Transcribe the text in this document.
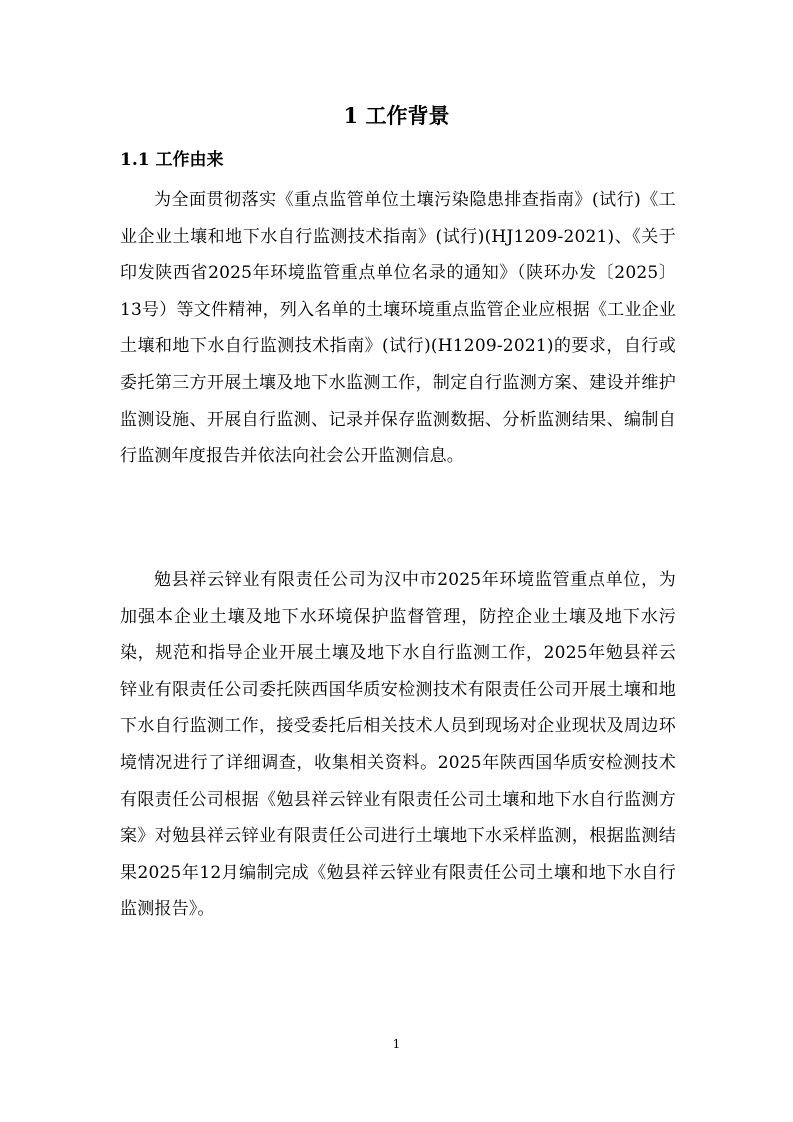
1 工作背景
1.1 工作由来

为全面贯彻落实《重点监管单位土壤污染隐患排查指南》(试行)《工业企业土壤和地下水自行监测技术指南》(试行)(HJ1209-2021)、《关于印发陕西省2025年环境监管重点单位名录的通知》（陕环办发〔2025〕13号）等文件精神，列入名单的土壤环境重点监管企业应根据《工业企业土壤和地下水自行监测技术指南》(试行)(H1209-2021)的要求，自行或委托第三方开展土壤及地下水监测工作，制定自行监测方案、建设并维护监测设施、开展自行监测、记录并保存监测数据、分析监测结果、编制自行监测年度报告并依法向社会公开监测信息。

勉县祥云锌业有限责任公司为汉中市2025年环境监管重点单位，为加强本企业土壤及地下水环境保护监督管理，防控企业土壤及地下水污染，规范和指导企业开展土壤及地下水自行监测工作，2025年勉县祥云锌业有限责任公司委托陕西国华质安检测技术有限责任公司开展土壤和地下水自行监测工作，接受委托后相关技术人员到现场对企业现状及周边环境情况进行了详细调查，收集相关资料。2025年陕西国华质安检测技术有限责任公司根据《勉县祥云锌业有限责任公司土壤和地下水自行监测方案》对勉县祥云锌业有限责任公司进行土壤地下水采样监测，根据监测结果2025年12月编制完成《勉县祥云锌业有限责任公司土壤和地下水自行监测报告》。

1
